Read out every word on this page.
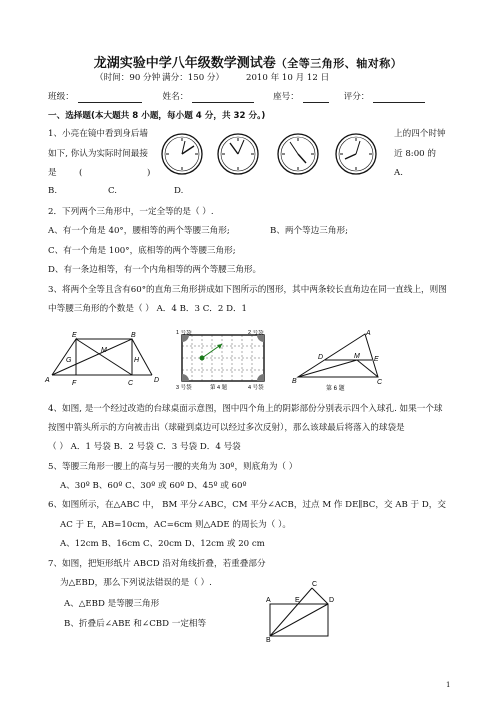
龙湖实验中学八年级数学测试卷（全等三角形、轴对称）
（时间：90 分钟 满分：150 分）	2010 年 10 月 12 日
班级：	姓名：	座号：	评分：
一、选择题(本大题共 8 小题，每小题 4 分，共 32 分。)
1、小亮在镜中看到身后墙	上的四个时钟
如下, 你认为实际时间最接	近 8:00 的
是	(	)	A.
B.	C.	D.
2．下列两个三角形中，一定全等的是（ ）.
A、有一个角是 40°，腰相等的两个等腰三角形;	B、两个等边三角形;
C、有一个角是 100°，底相等的两个等腰三角形;
D、有一条边相等，有一个内角相等的两个等腰三角形。
3、将两个全等且含有60°的直角三角形拼成如下图所示的图形，其中两条较长直角边在同一直线上，则图
中等腰三角形的个数是（ ） A．4 B．3 C．2 D．1
E	B
M
G	H
A	F	C	D
1 号袋	2 号袋
3 号袋	4 号袋
第 4 题
A
D	M E
B	C
第 6 题
4、如图, 是一个经过改造的台球桌面示意图，图中四个角上的阴影部份分别表示四个入球孔. 如果一个球
按图中箭头所示的方向被击出（球碰到桌边可以经过多次反射），那么该球最后将落入的球袋是
（ ） A．1 号袋 B．2 号袋 C．3 号袋 D．4 号袋
5、等腰三角形一腰上的高与另一腰的夹角为 30º，则底角为（ ）
A、30º B、60º C、30º 或 60º D、45º 或 60º
6、如图所示，在△ABC 中， BM 平分∠ABC，CM 平分∠ACB，过点 M 作 DE∥BC，交 AB 于 D，交
AC 于 E，AB=10cm，AC=6cm 则△ADE 的周长为（ ）。
A、12cm B、16cm C、20cm D、12cm 或 20 cm
7、如图，把矩形纸片 ABCD 沿对角线折叠，若重叠部分
为△EBD，那么下列说法错误的是（ ）.
A、△EBD 是等腰三角形
B、折叠后∠ABE 和∠CBD 一定相等
C
A	E	D
B
1
